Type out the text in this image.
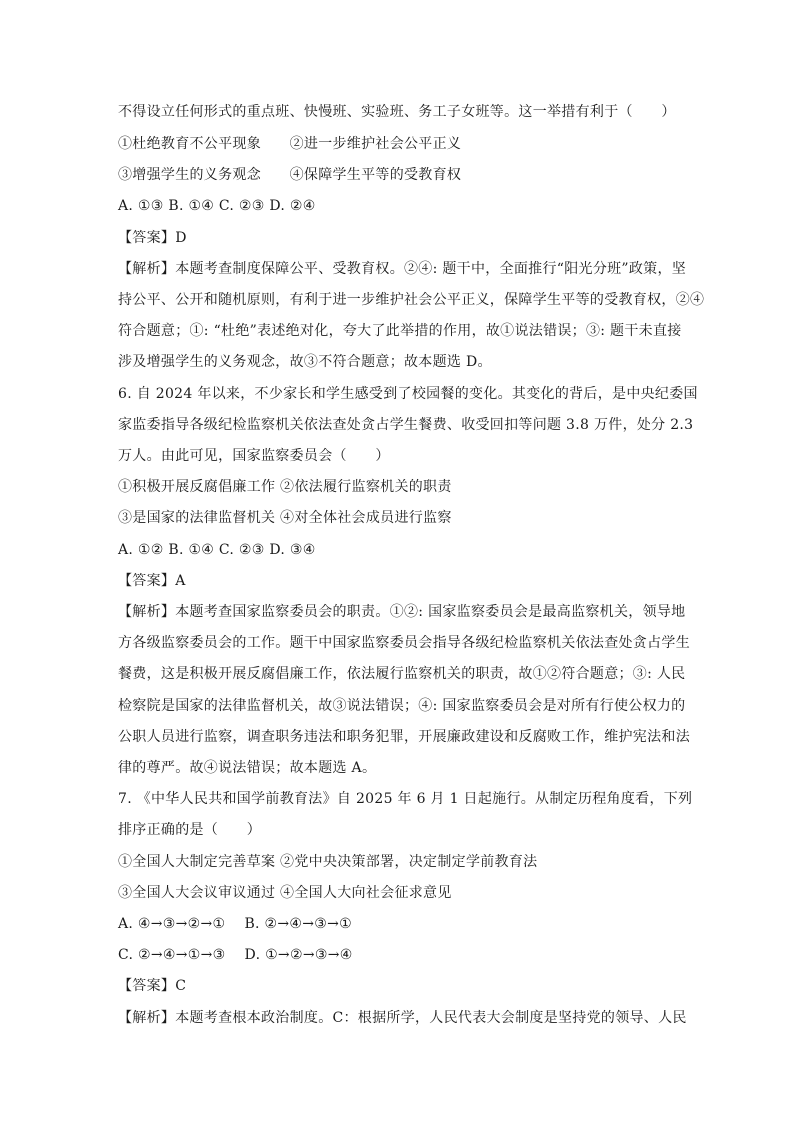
不得设立任何形式的重点班、快慢班、实验班、务工子女班等。这一举措有利于（　　）
①杜绝教育不公平现象　　②进一步维护社会公平正义
③增强学生的义务观念　　④保障学生平等的受教育权
A. ①③ B. ①④ C. ②③ D. ②④
【答案】D
【解析】本题考查制度保障公平、受教育权。②④: 题干中，全面推行“阳光分班”政策，坚
持公平、公开和随机原则，有利于进一步维护社会公平正义，保障学生平等的受教育权，②④
符合题意；①: “杜绝”表述绝对化，夸大了此举措的作用，故①说法错误；③: 题干未直接
涉及增强学生的义务观念，故③不符合题意；故本题选 D。
6. 自 2024 年以来，不少家长和学生感受到了校园餐的变化。其变化的背后，是中央纪委国
家监委指导各级纪检监察机关依法查处贪占学生餐费、收受回扣等问题 3.8 万件，处分 2.3
万人。由此可见，国家监察委员会（　　）
①积极开展反腐倡廉工作 ②依法履行监察机关的职责
③是国家的法律监督机关 ④对全体社会成员进行监察
A. ①② B. ①④ C. ②③ D. ③④
【答案】A
【解析】本题考查国家监察委员会的职责。①②: 国家监察委员会是最高监察机关，领导地
方各级监察委员会的工作。题干中国家监察委员会指导各级纪检监察机关依法查处贪占学生
餐费，这是积极开展反腐倡廉工作，依法履行监察机关的职责，故①②符合题意；③: 人民
检察院是国家的法律监督机关，故③说法错误；④: 国家监察委员会是对所有行使公权力的
公职人员进行监察，调查职务违法和职务犯罪，开展廉政建设和反腐败工作，维护宪法和法
律的尊严。故④说法错误；故本题选 A。
7. 《中华人民共和国学前教育法》自 2025 年 6 月 1 日起施行。从制定历程角度看，下列
排序正确的是（　　）
①全国人大制定完善草案 ②党中央决策部署，决定制定学前教育法
③全国人大会议审议通过 ④全国人大向社会征求意见
A. ④→③→②→①　 B. ②→④→③→①
C. ②→④→①→③　 D. ①→②→③→④
【答案】C
【解析】本题考查根本政治制度。C：根据所学，人民代表大会制度是坚持党的领导、人民
